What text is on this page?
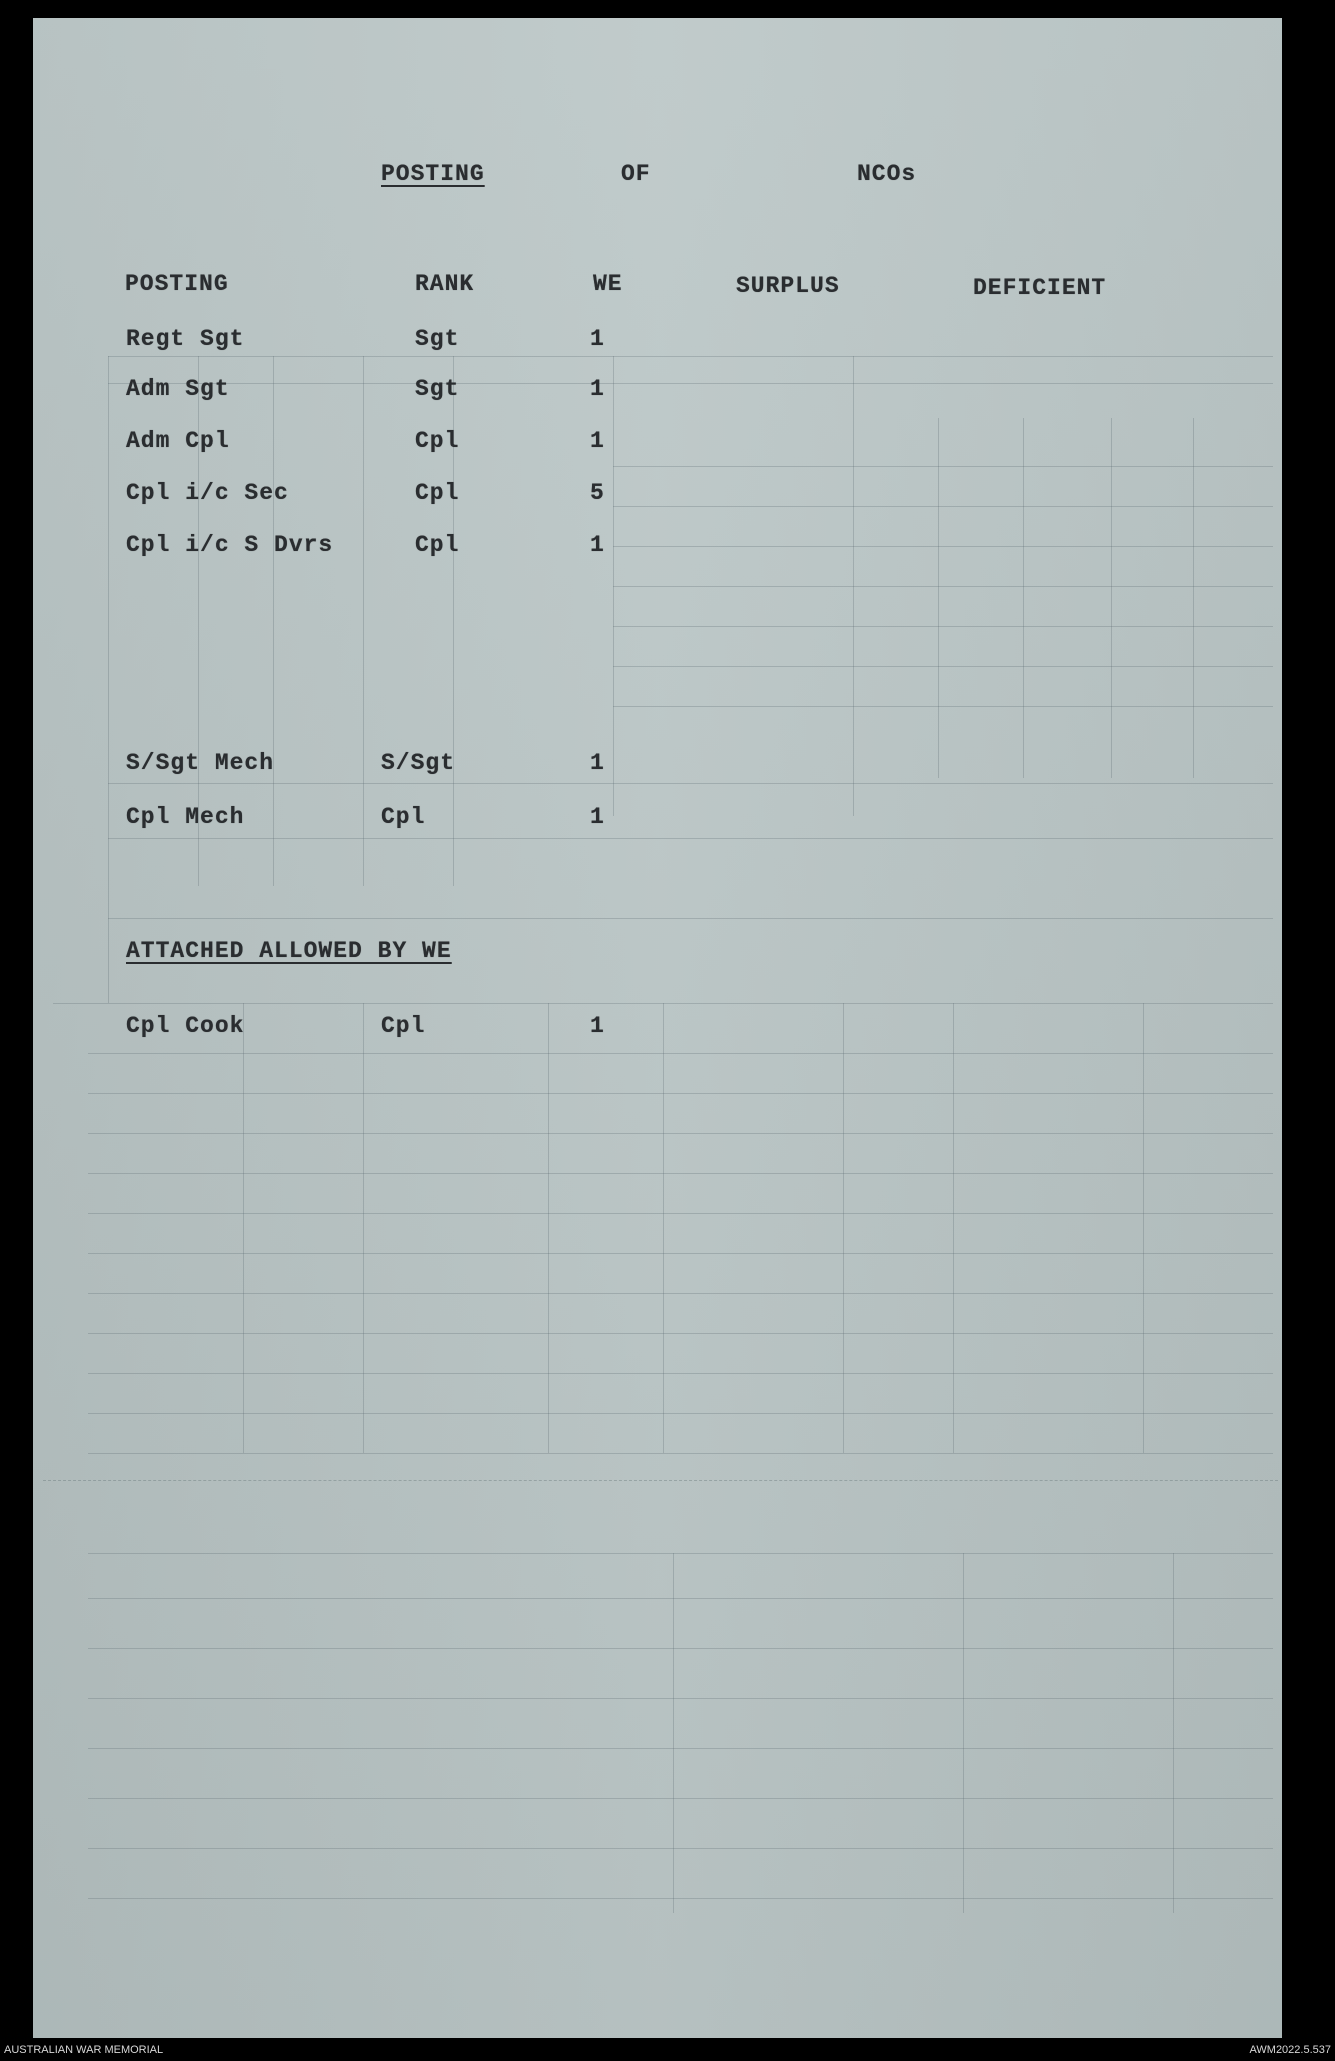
POSTING	OF	NCOs

POSTING	RANK	WE	SURPLUS	DEFICIENT

Regt Sgt	Sgt	1

Adm Sgt	Sgt	1

Adm Cpl	Cpl	1

Cpl i/c Sec	Cpl	5

Cpl i/c S Dvrs	Cpl	1

S/Sgt Mech	S/Sgt	1

Cpl Mech	Cpl	1

ATTACHED ALLOWED BY WE

Cpl Cook	Cpl	1

AUSTRALIAN WAR MEMORIAL	AWM2022.5.537
